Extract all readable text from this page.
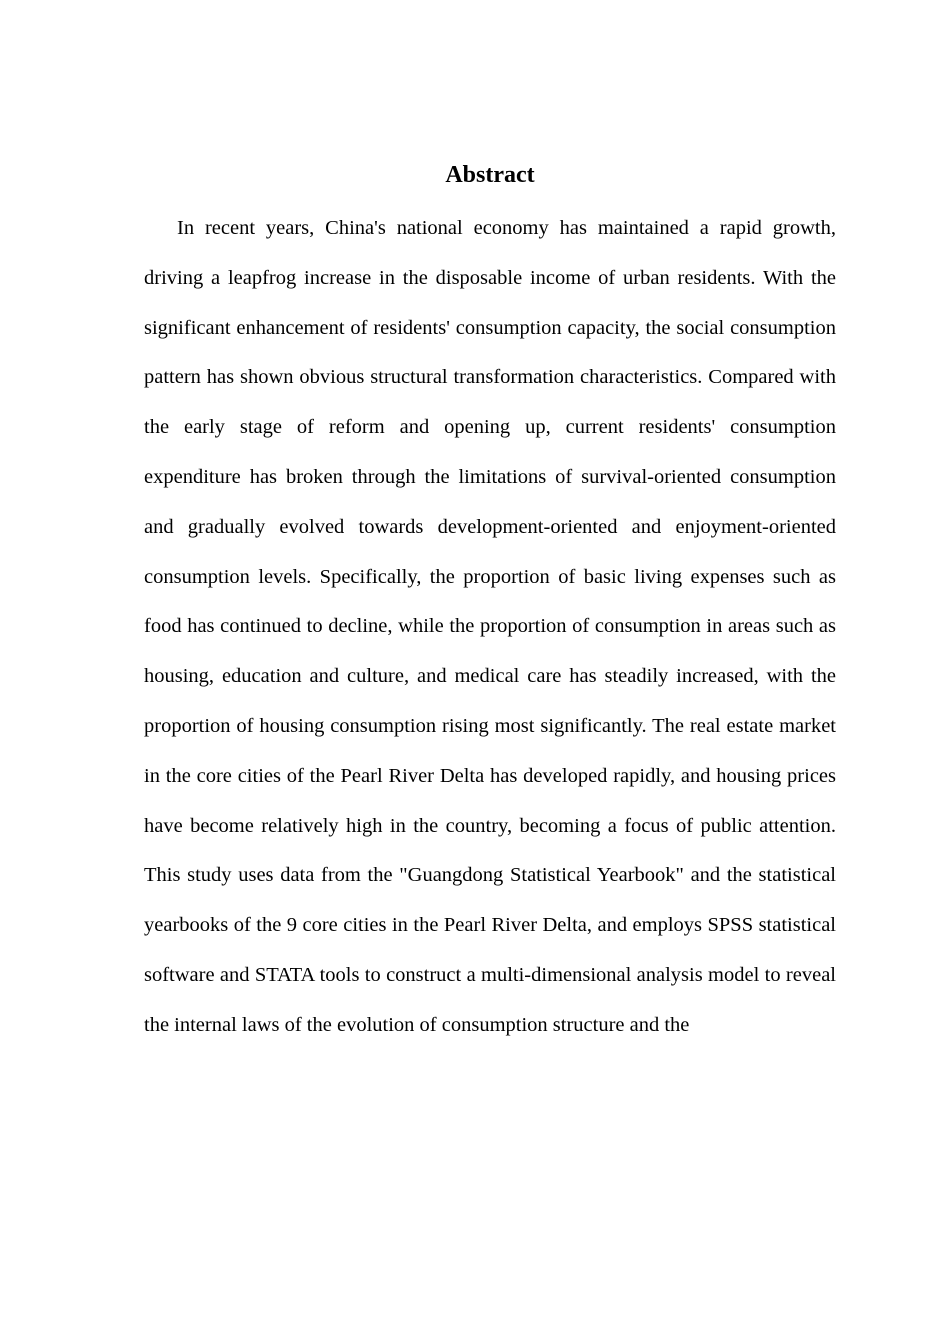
Abstract

In recent years, China's national economy has maintained a rapid growth, driving a leapfrog increase in the disposable income of urban residents. With the significant enhancement of residents' consumption capacity, the social consumption pattern has shown obvious structural transformation characteristics. Compared with the early stage of reform and opening up, current residents' consumption expenditure has broken through the limitations of survival-oriented consumption and gradually evolved towards development-oriented and enjoyment-oriented consumption levels. Specifically, the proportion of basic living expenses such as food has continued to decline, while the proportion of consumption in areas such as housing, education and culture, and medical care has steadily increased, with the proportion of housing consumption rising most significantly. The real estate market in the core cities of the Pearl River Delta has developed rapidly, and housing prices have become relatively high in the country, becoming a focus of public attention. This study uses data from the "Guangdong Statistical Yearbook" and the statistical yearbooks of the 9 core cities in the Pearl River Delta, and employs SPSS statistical software and STATA tools to construct a multi-dimensional analysis model to reveal the internal laws of the evolution of consumption structure and the
